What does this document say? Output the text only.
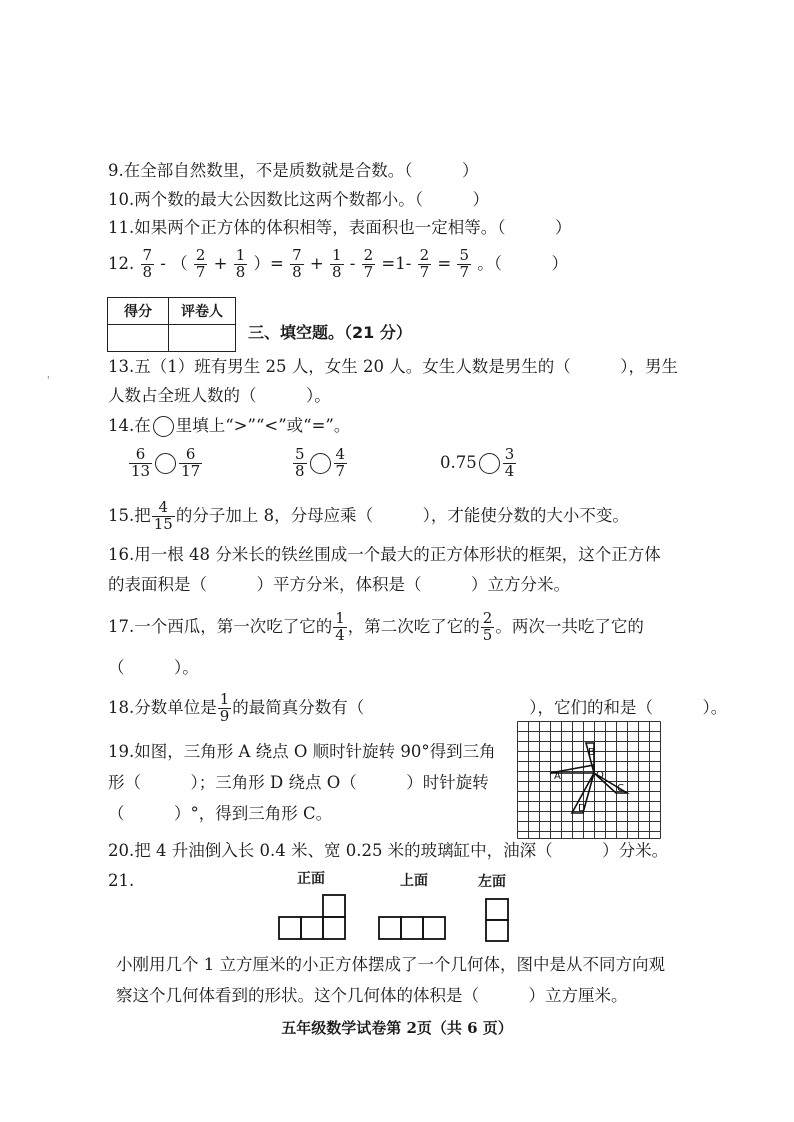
9.在全部自然数里，不是质数就是合数。（　　　）
10.两个数的最大公因数比这两个数都小。（　　　）
11.如果两个正方体的体积相等，表面积也一定相等。（　　　）
12. $\frac{7}{8}$ - （ $\frac{2}{7} + \frac{1}{8}$ ）= $\frac{7}{8} + \frac{1}{8} - \frac{2}{7} =1- \frac{2}{7} = \frac{5}{7}$ 。（　　　）
得分	评卷人

三、填空题。（21 分）
'
13.五（1）班有男生 25 人，女生 20 人。女生人数是男生的（　　　），男生
人数占全班人数的（　　　）。
14.在 里填上“>”“<”或“=”。
$\frac{6}{13} \frac{6}{17}$	$\frac{5}{8} \frac{4}{7}$	$0.75 \frac{3}{4}$
15.把 $\frac{4}{15}$ 的分子加上 8，分母应乘（　　　），才能使分数的大小不变。
16.用一根 48 分米长的铁丝围成一个最大的正方体形状的框架，这个正方体
的表面积是（　　　）平方分米，体积是（　　　）立方分米。
17.一个西瓜，第一次吃了它的 $\frac{1}{4}$ ，第二次吃了它的 $\frac{2}{5}$ 。两次一共吃了它的
（　　　）。
18.分数单位是 $\frac{1}{9}$ 的最简真分数有（　　　　　　　　　　），它们的和是（　　　）。
19.如图，三角形 A 绕点 O 顺时针旋转 90°得到三角
形（　　　）；三角形 D 绕点 O（　　　）时针旋转
（　　　）°，得到三角形 C。
A
B
C
D
O
20.把 4 升油倒入长 0.4 米、宽 0.25 米的玻璃缸中，油深（　　　）分米。
21.	正面	上面	左面
小刚用几个 1 立方厘米的小正方体摆成了一个几何体，图中是从不同方向观
察这个几何体看到的形状。这个几何体的体积是（　　　）立方厘米。
五年级数学试卷第 2页（共 6 页）
